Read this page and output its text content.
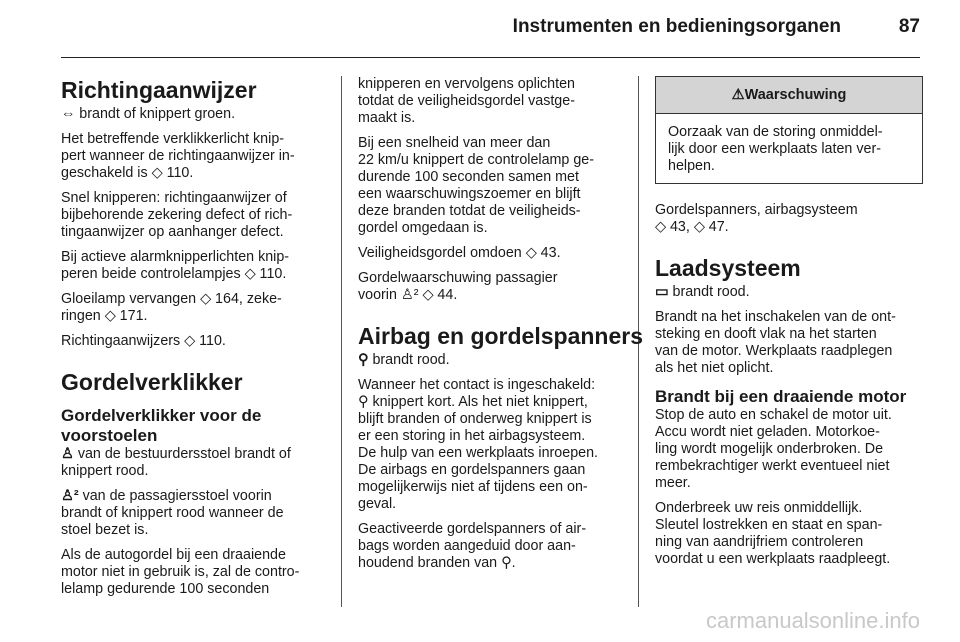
Instrumenten en bedieningsorganen	87
Richtingaanwijzer

⇔ brandt of knippert groen.

Het betreffende verklikkerlicht knip-
pert wanneer de richtingaanwijzer in-
geschakeld is ◇ 110.

Snel knipperen: richtingaanwijzer of
bijbehorende zekering defect of rich-
tingaanwijzer op aanhanger defect.

Bij actieve alarmknipperlichten knip-
peren beide controlelampjes ◇ 110.

Gloeilamp vervangen ◇ 164, zeke-
ringen ◇ 171.

Richtingaanwijzers ◇ 110.

Gordelverklikker
Gordelverklikker voor de
voorstoelen

♙ van de bestuurdersstoel brandt of
knippert rood.

♙² van de passagiersstoel voorin
brandt of knippert rood wanneer de
stoel bezet is.

Als de autogordel bij een draaiende
motor niet in gebruik is, zal de contro-
lelamp gedurende 100 seconden

knipperen en vervolgens oplichten
totdat de veiligheidsgordel vastge-
maakt is.

Bij een snelheid van meer dan
22 km/u knippert de controlelamp ge-
durende 100 seconden samen met
een waarschuwingszoemer en blijft
deze branden totdat de veiligheids-
gordel omgedaan is.

Veiligheidsgordel omdoen ◇ 43.

Gordelwaarschuwing passagier
voorin ♙² ◇ 44.

Airbag en gordelspanners

⚲ brandt rood.

Wanneer het contact is ingeschakeld:
⚲ knippert kort. Als het niet knippert,
blijft branden of onderweg knippert is
er een storing in het airbagsysteem.
De hulp van een werkplaats inroepen.
De airbags en gordelspanners gaan
mogelijkerwijs niet af tijdens een on-
geval.

Geactiveerde gordelspanners of air-
bags worden aangeduid door aan-
houdend branden van ⚲.

⚠Waarschuwing
Oorzaak van de storing onmiddel-
lijk door een werkplaats laten ver-
helpen.

Gordelspanners, airbagsysteem
◇ 43, ◇ 47.

Laadsysteem

▭ brandt rood.

Brandt na het inschakelen van de ont-
steking en dooft vlak na het starten
van de motor. Werkplaats raadplegen
als het niet oplicht.

Brandt bij een draaiende motor

Stop de auto en schakel de motor uit.
Accu wordt niet geladen. Motorkoe-
ling wordt mogelijk onderbroken. De
rembekrachtiger werkt eventueel niet
meer.

Onderbreek uw reis onmiddellijk.
Sleutel lostrekken en staat en span-
ning van aandrijfriem controleren
voordat u een werkplaats raadpleegt.

carmanualsonline.info
